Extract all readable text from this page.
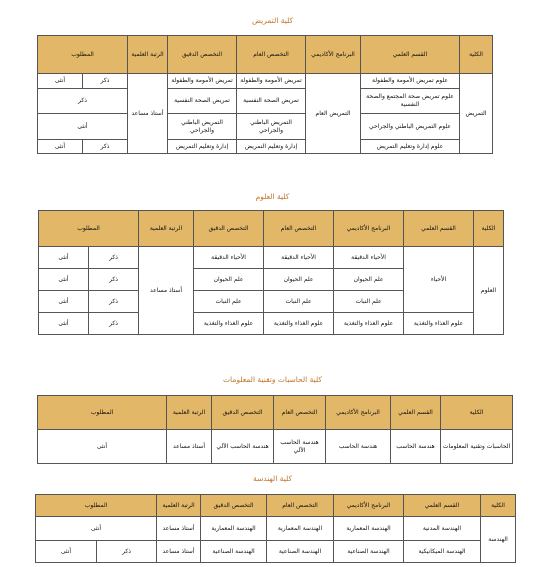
كلية التمريض
الكلية	القسم العلمي	البرنامج الأكاديمي	التخصص العام	التخصص الدقيق	الرتبة العلمية	المطلوب	
التمريض	علوم تمريض الأمومة والطفولة	التمريض العام	تمريض الأمومة والطفولة	تمريض الأمومة والطفولة	أستاذ مساعد	ذكر	أنثى
	علوم تمريض صحة المجتمع والصحة النفسية		تمريض الصحة النفسية	تمريض الصحة النفسية		ذكر	
	علوم التمريض الباطني والجراحي		التمريض الباطني والجراحي	التمريض الباطني والجراحي		أنثى	
	علوم إدارة وتعليم التمريض		إدارة وتعليم التمريض	إدارة وتعليم التمريض		ذكر	أنثى
كلية العلوم
الكلية	القسم العلمي	البرنامج الأكاديمي	التخصص العام	التخصص الدقيق	الرتبة العلمية	المطلوب	
العلوم	الأحياء	الأحياء الدقيقة	الأحياء الدقيقة	الأحياء الدقيقة	أستاذ مساعد	ذكر	أنثى
		علم الحيوان	علم الحيوان	علم الحيوان		ذكر	أنثى
		علم النبات	علم النبات	علم النبات		ذكر	أنثى
	علوم الغذاء والتغذية	علوم الغذاء والتغذية	علوم الغذاء والتغذية	علوم الغذاء والتغذية		ذكر	أنثى
كلية الحاسبات وتقنية المعلومات
الكلية	القسم العلمي	البرنامج الأكاديمي	التخصص العام	التخصص الدقيق	الرتبة العلمية	المطلوب
الحاسبات وتقنية المعلومات	هندسة الحاسب	هندسة الحاسب	هندسة الحاسب الآلي	هندسة الحاسب الآلي	أستاذ مساعد	أنثى
كلية الهندسة
الكلية	القسم العلمي	البرنامج الأكاديمي	التخصص العام	التخصص الدقيق	الرتبة العلمية	المطلوب	
الهندسة	الهندسة المدنية	الهندسة المعمارية	الهندسة المعمارية	الهندسة المعمارية	أستاذ مساعد	أنثى	
	الهندسة الميكانيكية	الهندسة الصناعية	الهندسة الصناعية	الهندسة الصناعية	أستاذ مساعد	ذكر	أنثى
